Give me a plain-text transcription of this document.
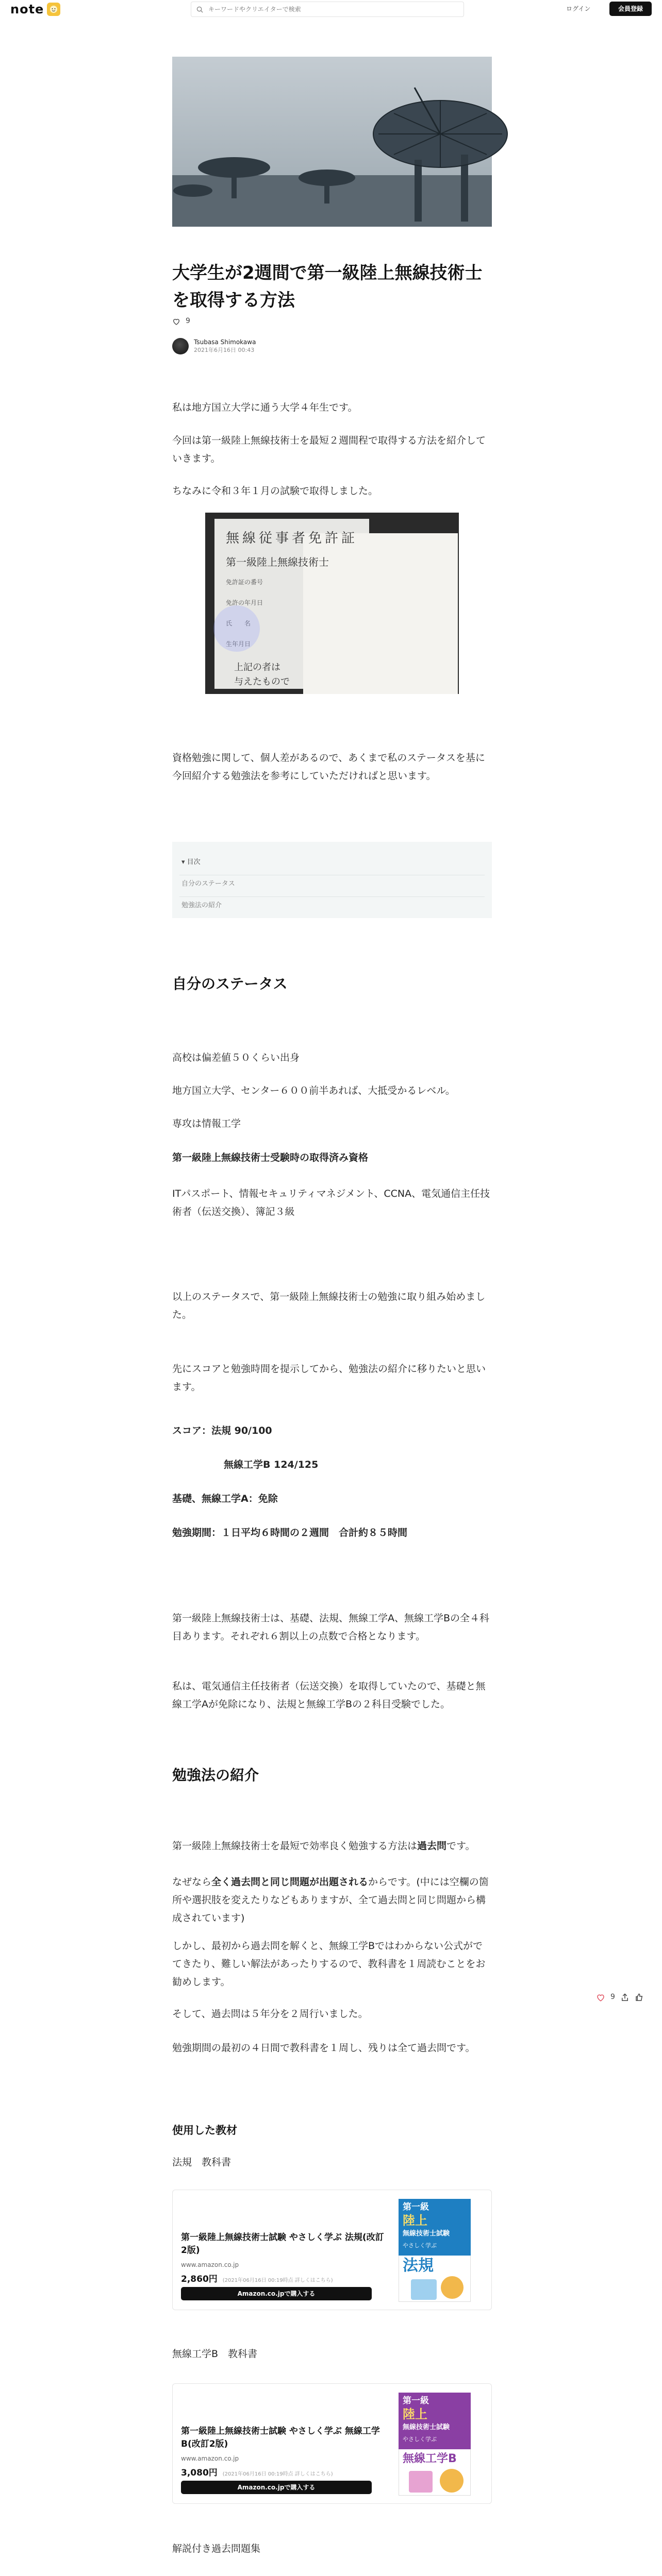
note
キーワードやクリエイターで検索	ログイン	会員登録
大学生が2週間で第一級陸上無線技術士を取得する方法
9
Tsubasa Shimokawa
2021年6月16日 00:43

私は地方国立大学に通う大学４年生です。

今回は第一級陸上無線技術士を最短２週間程で取得する方法を紹介していきます。

ちなみに令和３年１月の試験で取得しました。

無線従事者免許証
第一級陸上無線技術士
免許証の番号
免許の年月日
氏　　名
生年月日
上記の者は
与えたもので

資格勉強に関して、個人差があるので、あくまで私のステータスを基に今回紹介する勉強法を参考にしていただければと思います。

▾ 目次
自分のステータス
勉強法の紹介
自分のステータス

高校は偏差値５０くらい出身

地方国立大学、センター６００前半あれば、大抵受かるレベル。

専攻は情報工学

第一級陸上無線技術士受験時の取得済み資格

ITパスポート、情報セキュリティマネジメント、CCNA、電気通信主任技術者（伝送交換）、簿記３級

以上のステータスで、第一級陸上無線技術士の勉強に取り組み始めました。

先にスコアと勉強時間を提示してから、勉強法の紹介に移りたいと思います。

スコア：法規 90/100

無線工学B 124/125

基礎、無線工学A：免除

勉強期間：１日平均６時間の２週間　合計約８５時間

第一級陸上無線技術士は、基礎、法規、無線工学A、無線工学Bの全４科目あります。それぞれ６割以上の点数で合格となります。

私は、電気通信主任技術者（伝送交換）を取得していたので、基礎と無線工学Aが免除になり、法規と無線工学Bの２科目受験でした。

勉強法の紹介

第一級陸上無線技術士を最短で効率良く勉強する方法は過去問です。

なぜなら全く過去問と同じ問題が出題されるからです。(中には空欄の箇所や選択肢を変えたりなどもありますが、全て過去問と同じ問題から構成されています)

しかし、最初から過去問を解くと、無線工学Bではわからない公式がでてきたり、難しい解法があったりするので、教科書を１周読むことをお勧めします。

そして、過去問は５年分を２周行いました。

勉強期間の最初の４日間で教科書を１周し、残りは全て過去問です。

9
使用した教材

法規　教科書

第一級陸上無線技術士試験 やさしく学ぶ 法規(改訂2版)
www.amazon.co.jp
2,860円 (2021年06月16日 00:19時点 詳しくはこちら)
Amazon.co.jpで購入する
第一級
陸上
無線技術士試験
やさしく学ぶ
法規

無線工学B　教科書

第一級陸上無線技術士試験 やさしく学ぶ 無線工学B(改訂2版)
www.amazon.co.jp
3,080円 (2021年06月16日 00:19時点 詳しくはこちら)
Amazon.co.jpで購入する
第一級
陸上
無線技術士試験
やさしく学ぶ
無線工学B

解説付き過去問題集
